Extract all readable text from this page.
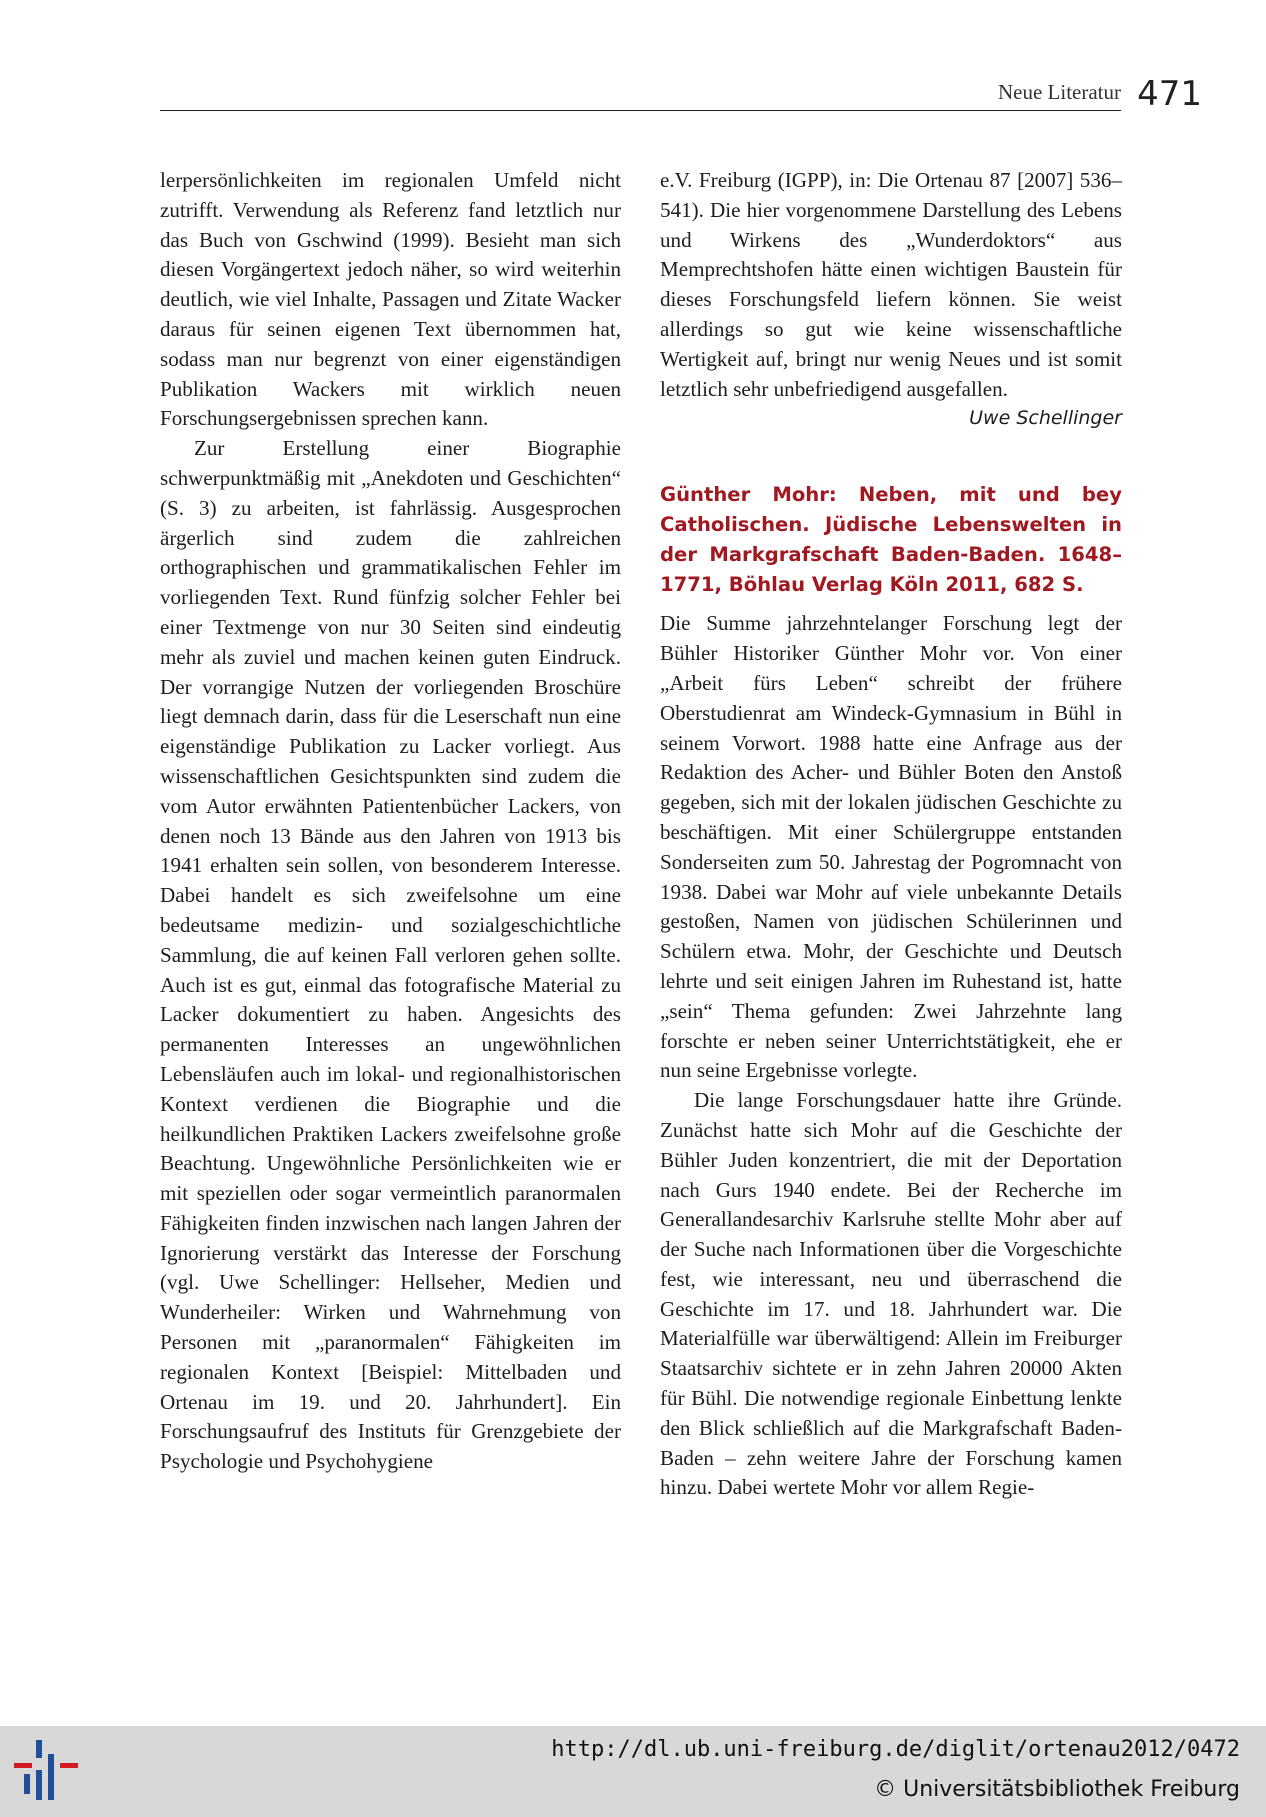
Neue Literatur 471

lerpersönlichkeiten im regionalen Umfeld nicht zutrifft. Verwendung als Referenz fand letztlich nur das Buch von Gschwind (1999). Besieht man sich diesen Vorgängertext jedoch näher, so wird weiterhin deutlich, wie viel Inhalte, Passagen und Zitate Wacker daraus für seinen eigenen Text übernommen hat, sodass man nur begrenzt von einer eigenständigen Publikation Wackers mit wirklich neuen Forschungsergebnissen sprechen kann.

Zur Erstellung einer Biographie schwerpunktmäßig mit „Anekdoten und Geschichten“ (S. 3) zu arbeiten, ist fahrlässig. Ausgesprochen ärgerlich sind zudem die zahlreichen orthographischen und grammatikalischen Fehler im vorliegenden Text. Rund fünfzig solcher Fehler bei einer Textmenge von nur 30 Seiten sind eindeutig mehr als zuviel und machen keinen guten Eindruck. Der vorrangige Nutzen der vorliegenden Broschüre liegt demnach darin, dass für die Leserschaft nun eine eigenständige Publikation zu Lacker vorliegt. Aus wissenschaftlichen Gesichtspunkten sind zudem die vom Autor erwähnten Patientenbücher Lackers, von denen noch 13 Bände aus den Jahren von 1913 bis 1941 erhalten sein sollen, von besonderem Interesse. Dabei handelt es sich zweifelsohne um eine bedeutsame medizin- und sozialgeschichtliche Sammlung, die auf keinen Fall verloren gehen sollte. Auch ist es gut, einmal das fotografische Material zu Lacker dokumentiert zu haben. Angesichts des permanenten Interesses an ungewöhnlichen Lebensläufen auch im lokal- und regionalhistorischen Kontext verdienen die Biographie und die heilkundlichen Praktiken Lackers zweifelsohne große Beachtung. Ungewöhnliche Persönlichkeiten wie er mit speziellen oder sogar vermeintlich paranormalen Fähigkeiten finden inzwischen nach langen Jahren der Ignorierung verstärkt das Interesse der Forschung (vgl. Uwe Schellinger: Hellseher, Medien und Wunderheiler: Wirken und Wahrnehmung von Personen mit „paranormalen“ Fähigkeiten im regionalen Kontext [Beispiel: Mittelbaden und Ortenau im 19. und 20. Jahrhundert]. Ein Forschungsaufruf des Instituts für Grenzgebiete der Psychologie und Psychohygiene

e.V. Freiburg (IGPP), in: Die Ortenau 87 [2007] 536–541). Die hier vorgenommene Darstellung des Lebens und Wirkens des „Wunderdoktors“ aus Memprechtshofen hätte einen wichtigen Baustein für dieses Forschungsfeld liefern können. Sie weist allerdings so gut wie keine wissenschaftliche Wertigkeit auf, bringt nur wenig Neues und ist somit letztlich sehr unbefriedigend ausgefallen.
Uwe Schellinger

Günther Mohr: Neben, mit und bey Catholischen. Jüdische Lebenswelten in der Markgrafschaft Baden-Baden. 1648–1771, Böhlau Verlag Köln 2011, 682 S.

Die Summe jahrzehntelanger Forschung legt der Bühler Historiker Günther Mohr vor. Von einer „Arbeit fürs Leben“ schreibt der frühere Oberstudienrat am Windeck-Gymnasium in Bühl in seinem Vorwort. 1988 hatte eine Anfrage aus der Redaktion des Acher- und Bühler Boten den Anstoß gegeben, sich mit der lokalen jüdischen Geschichte zu beschäftigen. Mit einer Schülergruppe entstanden Sonderseiten zum 50. Jahrestag der Pogromnacht von 1938. Dabei war Mohr auf viele unbekannte Details gestoßen, Namen von jüdischen Schülerinnen und Schülern etwa. Mohr, der Geschichte und Deutsch lehrte und seit einigen Jahren im Ruhestand ist, hatte „sein“ Thema gefunden: Zwei Jahrzehnte lang forschte er neben seiner Unterrichtstätigkeit, ehe er nun seine Ergebnisse vorlegte.

Die lange Forschungsdauer hatte ihre Gründe. Zunächst hatte sich Mohr auf die Geschichte der Bühler Juden konzentriert, die mit der Deportation nach Gurs 1940 endete. Bei der Recherche im Generallandesarchiv Karlsruhe stellte Mohr aber auf der Suche nach Informationen über die Vorgeschichte fest, wie interessant, neu und überraschend die Geschichte im 17. und 18. Jahrhundert war. Die Materialfülle war überwältigend: Allein im Freiburger Staatsarchiv sichtete er in zehn Jahren 20000 Akten für Bühl. Die notwendige regionale Einbettung lenkte den Blick schließlich auf die Markgrafschaft Baden-Baden – zehn weitere Jahre der Forschung kamen hinzu. Dabei wertete Mohr vor allem Regie-

http://dl.ub.uni-freiburg.de/diglit/ortenau2012/0472
© Universitätsbibliothek Freiburg
